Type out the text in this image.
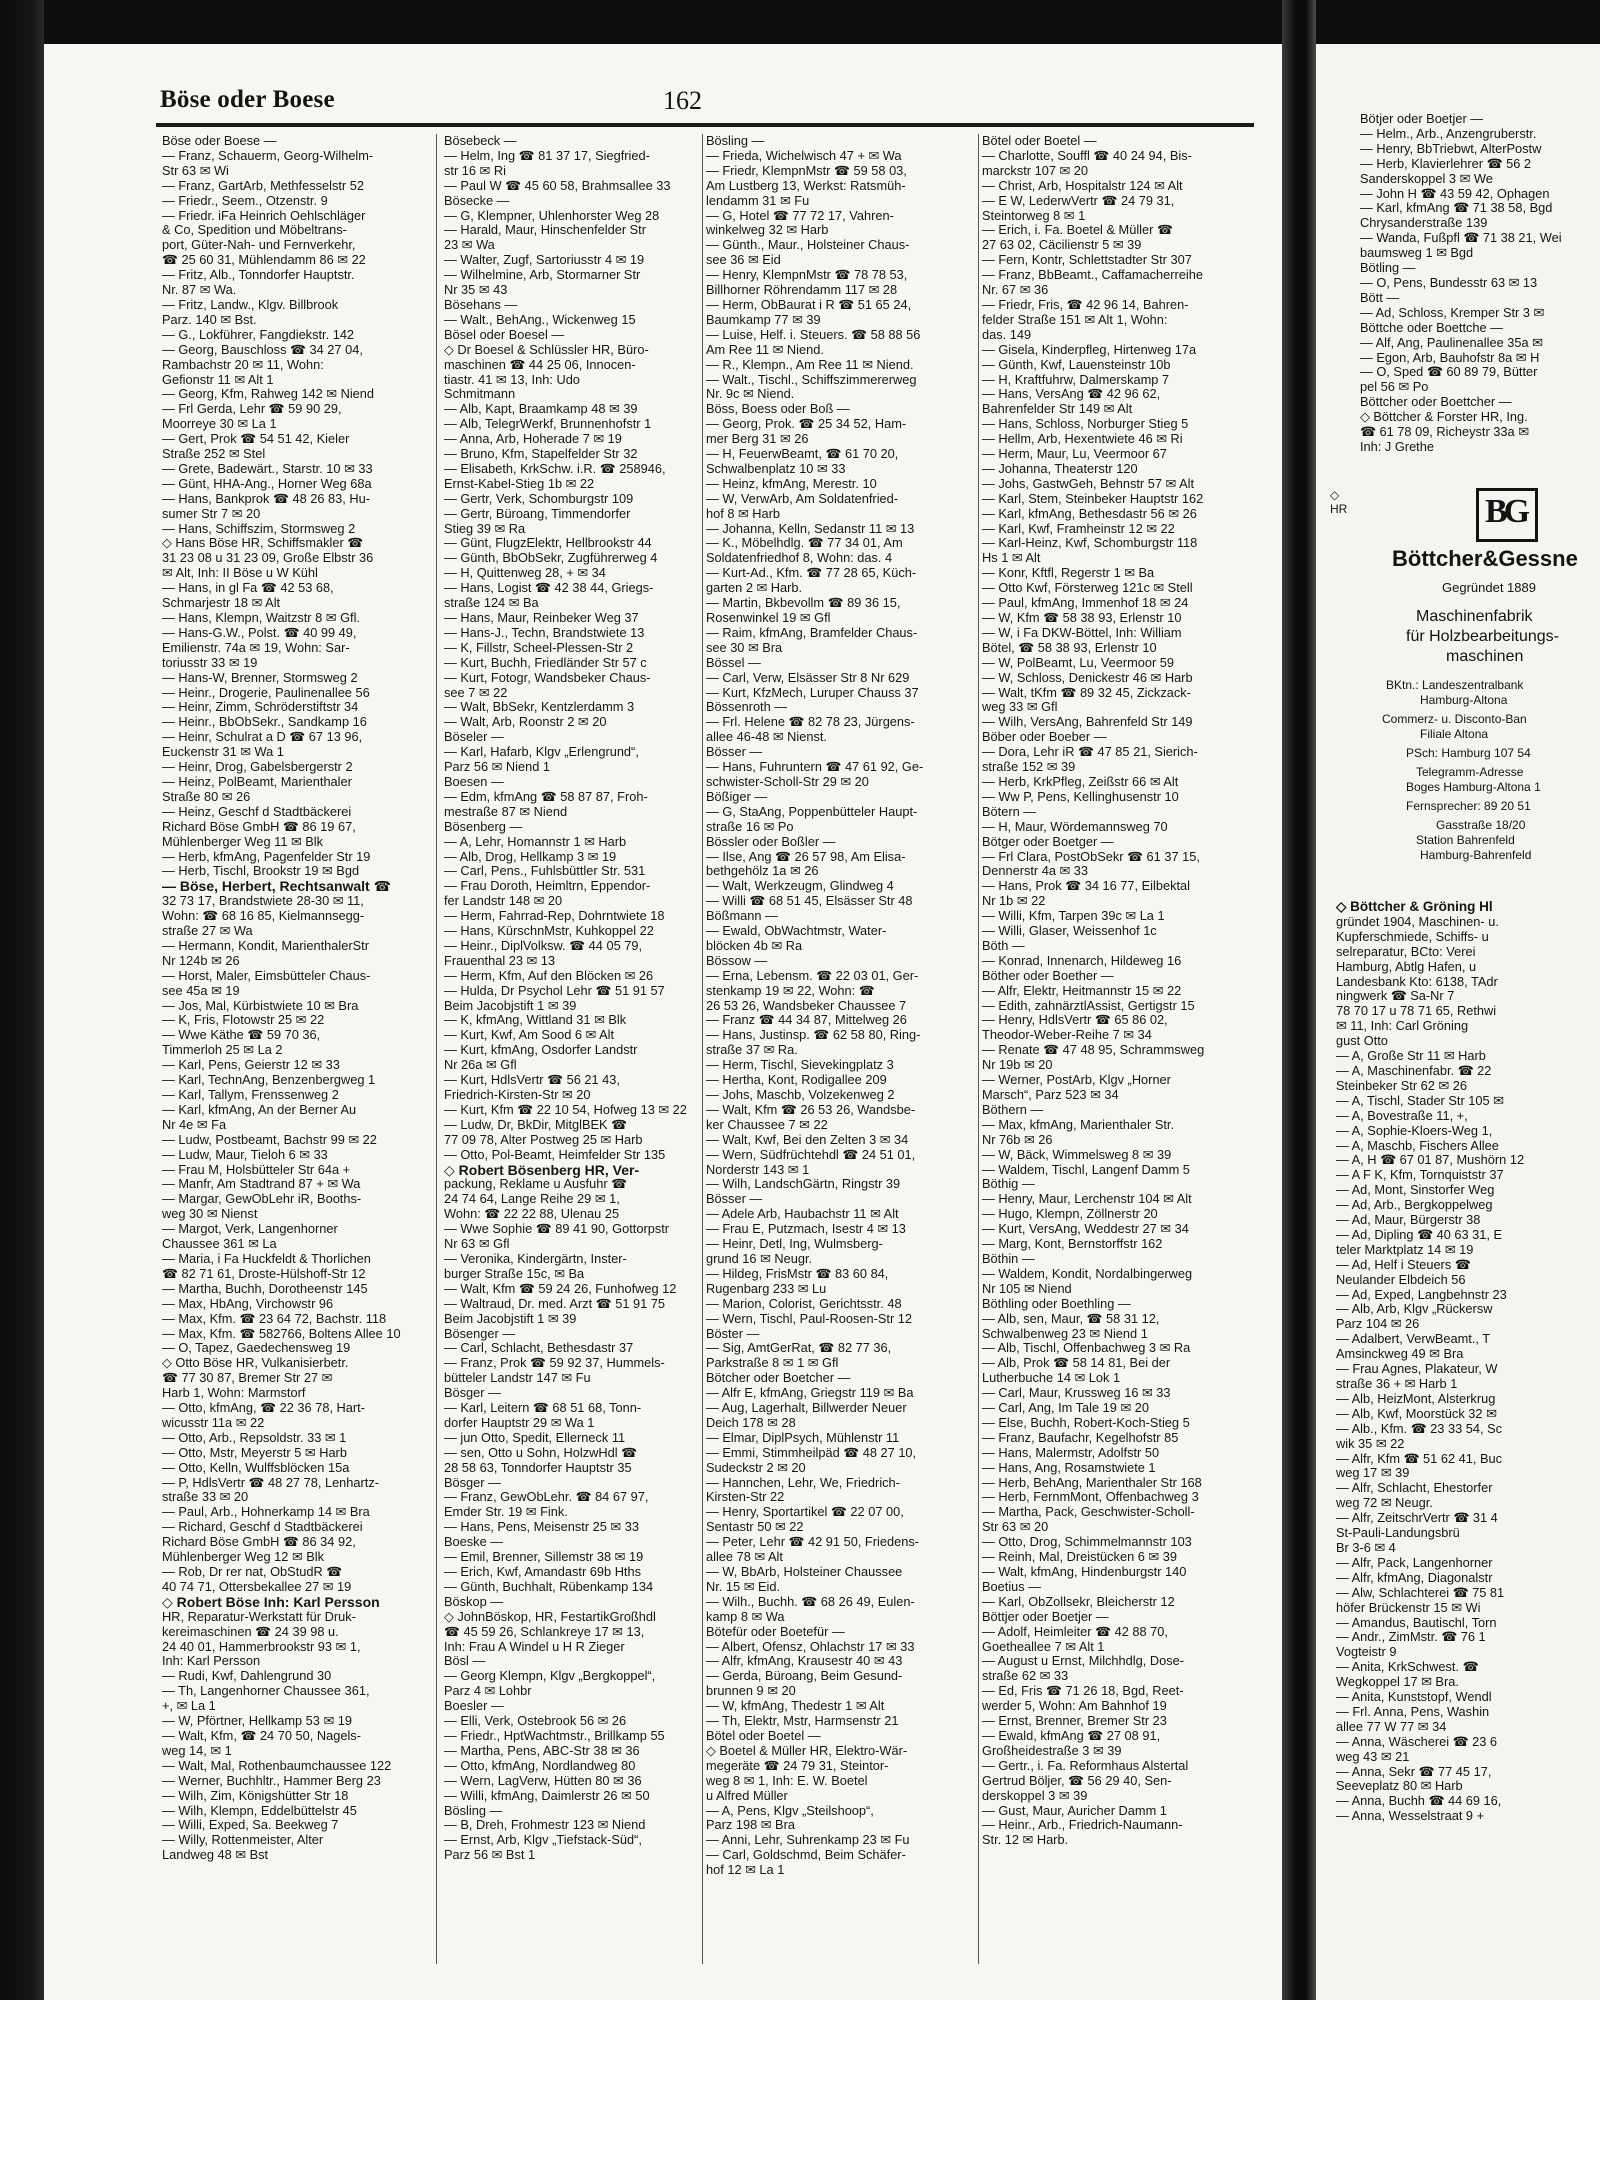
Böse oder Boese	162
Böse oder Boese —
— Franz, Schauerm, Georg-Wilhelm-
Str 63 ✉ Wi
— Franz, GartArb, Methfesselstr 52
— Friedr., Seem., Otzenstr. 9
— Friedr. iFa Heinrich Oehlschläger
& Co, Spedition und Möbeltrans-
port, Güter-Nah- und Fernverkehr,
☎ 25 60 31, Mühlendamm 86 ✉ 22
— Fritz, Alb., Tonndorfer Hauptstr.
Nr. 87 ✉ Wa.
— Fritz, Landw., Klgv. Billbrook
Parz. 140 ✉ Bst.
— G., Lokführer, Fangdiekstr. 142
— Georg, Bauschloss ☎ 34 27 04,
Rambachstr 20 ✉ 11, Wohn:
Gefionstr 11 ✉ Alt 1
— Georg, Kfm, Rahweg 142 ✉ Niend
— Frl Gerda, Lehr ☎ 59 90 29,
Moorreye 30 ✉ La 1
— Gert, Prok ☎ 54 51 42, Kieler
Straße 252 ✉ Stel
— Grete, Badewärt., Starstr. 10 ✉ 33
— Günt, HHA-Ang., Horner Weg 68a
— Hans, Bankprok ☎ 48 26 83, Hu-
sumer Str 7 ✉ 20
— Hans, Schiffszim, Stormsweg 2
◇ Hans Böse HR, Schiffsmakler ☎
31 23 08 u 31 23 09, Große Elbstr 36
✉ Alt, Inh: II Böse u W Kühl
— Hans, in gl Fa ☎ 42 53 68,
Schmarjestr 18 ✉ Alt
— Hans, Klempn, Waitzstr 8 ✉ Gfl.
— Hans-G.W., Polst. ☎ 40 99 49,
Emilienstr. 74a ✉ 19, Wohn: Sar-
toriusstr 33 ✉ 19
— Hans-W, Brenner, Stormsweg 2
— Heinr., Drogerie, Paulinenallee 56
— Heinr, Zimm, Schröderstiftstr 34
— Heinr., BbObSekr., Sandkamp 16
— Heinr, Schulrat a D ☎ 67 13 96,
Euckenstr 31 ✉ Wa 1
— Heinr, Drog, Gabelsbergerstr 2
— Heinz, PolBeamt, Marienthaler
Straße 80 ✉ 26
— Heinz, Geschf d Stadtbäckerei
Richard Böse GmbH ☎ 86 19 67,
Mühlenberger Weg 11 ✉ Blk
— Herb, kfmAng, Pagenfelder Str 19
— Herb, Tischl, Brookstr 19 ✉ Bgd
— Böse, Herbert, Rechtsanwalt ☎
32 73 17, Brandstwiete 28-30 ✉ 11,
Wohn: ☎ 68 16 85, Kielmannsegg-
straße 27 ✉ Wa
— Hermann, Kondit, MarienthalerStr
Nr 124b ✉ 26
— Horst, Maler, Eimsbütteler Chaus-
see 45a ✉ 19
— Jos, Mal, Kürbistwiete 10 ✉ Bra
— K, Fris, Flotowstr 25 ✉ 22
— Wwe Käthe ☎ 59 70 36,
Timmerloh 25 ✉ La 2
— Karl, Pens, Geierstr 12 ✉ 33
— Karl, TechnAng, Benzenbergweg 1
— Karl, Tallym, Frenssenweg 2
— Karl, kfmAng, An der Berner Au
Nr 4e ✉ Fa
— Ludw, Postbeamt, Bachstr 99 ✉ 22
— Ludw, Maur, Tieloh 6 ✉ 33
— Frau M, Holsbütteler Str 64a +
— Manfr, Am Stadtrand 87 + ✉ Wa
— Margar, GewObLehr iR, Booths-
weg 30 ✉ Nienst
— Margot, Verk, Langenhorner
Chaussee 361 ✉ La
— Maria, i Fa Huckfeldt & Thorlichen
☎ 82 71 61, Droste-Hülshoff-Str 12
— Martha, Buchh, Dorotheenstr 145
— Max, HbAng, Virchowstr 96
— Max, Kfm. ☎ 23 64 72, Bachstr. 118
— Max, Kfm. ☎ 582766, Boltens Allee 10
— O, Tapez, Gaedechensweg 19
◇ Otto Böse HR, Vulkanisierbetr.
☎ 77 30 87, Bremer Str 27 ✉
Harb 1, Wohn: Marmstorf
— Otto, kfmAng, ☎ 22 36 78, Hart-
wicusstr 11a ✉ 22
— Otto, Arb., Repsoldstr. 33 ✉ 1
— Otto, Mstr, Meyerstr 5 ✉ Harb
— Otto, Kelln, Wulffsblöcken 15a
— P, HdlsVertr ☎ 48 27 78, Lenhartz-
straße 33 ✉ 20
— Paul, Arb., Hohnerkamp 14 ✉ Bra
— Richard, Geschf d Stadtbäckerei
Richard Böse GmbH ☎ 86 34 92,
Mühlenberger Weg 12 ✉ Blk
— Rob, Dr rer nat, ObStudR ☎
40 74 71, Ottersbekallee 27 ✉ 19
◇ Robert Böse Inh: Karl Persson
HR, Reparatur-Werkstatt für Druk-
kereimaschinen ☎ 24 39 98 u.
24 40 01, Hammerbrookstr 93 ✉ 1,
Inh: Karl Persson
— Rudi, Kwf, Dahlengrund 30
— Th, Langenhorner Chaussee 361,
+, ✉ La 1
— W, Pförtner, Hellkamp 53 ✉ 19
— Walt, Kfm, ☎ 24 70 50, Nagels-
weg 14, ✉ 1
— Walt, Mal, Rothenbaumchaussee 122
— Werner, Buchhltr., Hammer Berg 23
— Wilh, Zim, Königshütter Str 18
— Wilh, Klempn, Eddelbüttelstr 45
— Willi, Exped, Sa. Beekweg 7
— Willy, Rottenmeister, Alter
Landweg 48 ✉ Bst
Bösebeck —
— Helm, Ing ☎ 81 37 17, Siegfried-
str 16 ✉ Ri
— Paul W ☎ 45 60 58, Brahmsallee 33
Bösecke —
— G, Klempner, Uhlenhorster Weg 28
— Harald, Maur, Hinschenfelder Str
23 ✉ Wa
— Walter, Zugf, Sartoriusstr 4 ✉ 19
— Wilhelmine, Arb, Stormarner Str
Nr 35 ✉ 43
Bösehans —
— Walt., BehAng., Wickenweg 15
Bösel oder Boesel —
◇ Dr Boesel & Schlüssler HR, Büro-
maschinen ☎ 44 25 06, Innocen-
tiastr. 41 ✉ 13, Inh: Udo
Schmitmann
— Alb, Kapt, Braamkamp 48 ✉ 39
— Alb, TelegrWerkf, Brunnenhofstr 1
— Anna, Arb, Hoherade 7 ✉ 19
— Bruno, Kfm, Stapelfelder Str 32
— Elisabeth, KrkSchw. i.R. ☎ 258946,
Ernst-Kabel-Stieg 1b ✉ 22
— Gertr, Verk, Schomburgstr 109
— Gertr, Büroang, Timmendorfer
Stieg 39 ✉ Ra
— Günt, FlugzElektr, Hellbrookstr 44
— Günth, BbObSekr, Zugführerweg 4
— H, Quittenweg 28, + ✉ 34
— Hans, Logist ☎ 42 38 44, Griegs-
straße 124 ✉ Ba
— Hans, Maur, Reinbeker Weg 37
— Hans-J., Techn, Brandstwiete 13
— K, Fillstr, Scheel-Plessen-Str 2
— Kurt, Buchh, Friedländer Str 57 c
— Kurt, Fotogr, Wandsbeker Chaus-
see 7 ✉ 22
— Walt, BbSekr, Kentzlerdamm 3
— Walt, Arb, Roonstr 2 ✉ 20
Böseler —
— Karl, Hafarb, Klgv „Erlengrund“,
Parz 56 ✉ Niend 1
Boesen —
— Edm, kfmAng ☎ 58 87 87, Froh-
mestraße 87 ✉ Niend
Bösenberg —
— A, Lehr, Homannstr 1 ✉ Harb
— Alb, Drog, Hellkamp 3 ✉ 19
— Carl, Pens., Fuhlsbüttler Str. 531
— Frau Doroth, Heimltrn, Eppendor-
fer Landstr 148 ✉ 20
— Herm, Fahrrad-Rep, Dohrntwiete 18
— Hans, KürschnMstr, Kuhkoppel 22
— Heinr., DiplVolksw. ☎ 44 05 79,
Frauenthal 23 ✉ 13
— Herm, Kfm, Auf den Blöcken ✉ 26
— Hulda, Dr Psychol Lehr ☎ 51 91 57
Beim Jacobjstift 1 ✉ 39
— K, kfmAng, Wittland 31 ✉ Blk
— Kurt, Kwf, Am Sood 6 ✉ Alt
— Kurt, kfmAng, Osdorfer Landstr
Nr 26a ✉ Gfl
— Kurt, HdlsVertr ☎ 56 21 43,
Friedrich-Kirsten-Str ✉ 20
— Kurt, Kfm ☎ 22 10 54, Hofweg 13 ✉ 22
— Ludw, Dr, BkDir, MitglBEK ☎
77 09 78, Alter Postweg 25 ✉ Harb
— Otto, Pol-Beamt, Heimfelder Str 135
◇ Robert Bösenberg HR, Ver-
packung, Reklame u Ausfuhr ☎
24 74 64, Lange Reihe 29 ✉ 1,
Wohn: ☎ 22 22 88, Ulenau 25
— Wwe Sophie ☎ 89 41 90, Gottorpstr
Nr 63 ✉ Gfl
— Veronika, Kindergärtn, Inster-
burger Straße 15c, ✉ Ba
— Walt, Kfm ☎ 59 24 26, Funhofweg 12
— Waltraud, Dr. med. Arzt ☎ 51 91 75
Beim Jacobjstift 1 ✉ 39
Bösenger —
— Carl, Schlacht, Bethesdastr 37
— Franz, Prok ☎ 59 92 37, Hummels-
bütteler Landstr 147 ✉ Fu
Bösger —
— Karl, Leitern ☎ 68 51 68, Tonn-
dorfer Hauptstr 29 ✉ Wa 1
— jun Otto, Spedit, Ellerneck 11
— sen, Otto u Sohn, HolzwHdl ☎
28 58 63, Tonndorfer Hauptstr 35
Bösger —
— Franz, GewObLehr. ☎ 84 67 97,
Emder Str. 19 ✉ Fink.
— Hans, Pens, Meisenstr 25 ✉ 33
Boeske —
— Emil, Brenner, Sillemstr 38 ✉ 19
— Erich, Kwf, Amandastr 69b Hths
— Günth, Buchhalt, Rübenkamp 134
Böskop —
◇ JohnBöskop, HR, FestartikGroßhdl
☎ 45 59 26, Schlankreye 17 ✉ 13,
Inh: Frau A Windel u H R Zieger
Bösl —
— Georg Klempn, Klgv „Bergkoppel“,
Parz 4 ✉ Lohbr
Boesler —
— Elli, Verk, Ostebrook 56 ✉ 26
— Friedr., HptWachtmstr., Brillkamp 55
— Martha, Pens, ABC-Str 38 ✉ 36
— Otto, kfmAng, Nordlandweg 80
— Wern, LagVerw, Hütten 80 ✉ 36
— Willi, kfmAng, Daimlerstr 26 ✉ 50
Bösling —
— B, Dreh, Frohmestr 123 ✉ Niend
— Ernst, Arb, Klgv „Tiefstack-Süd“,
Parz 56 ✉ Bst 1
Bösling —
— Frieda, Wichelwisch 47 + ✉ Wa
— Friedr, KlempnMstr ☎ 59 58 03,
Am Lustberg 13, Werkst: Ratsmüh-
lendamm 31 ✉ Fu
— G, Hotel ☎ 77 72 17, Vahren-
winkelweg 32 ✉ Harb
— Günth., Maur., Holsteiner Chaus-
see 36 ✉ Eid
— Henry, KlempnMstr ☎ 78 78 53,
Billhorner Röhrendamm 117 ✉ 28
— Herm, ObBaurat i R ☎ 51 65 24,
Baumkamp 77 ✉ 39
— Luise, Helf. i. Steuers. ☎ 58 88 56
Am Ree 11 ✉ Niend.
— R., Klempn., Am Ree 11 ✉ Niend.
— Walt., Tischl., Schiffszimmererweg
Nr. 9c ✉ Niend.
Böss, Boess oder Boß —
— Georg, Prok. ☎ 25 34 52, Ham-
mer Berg 31 ✉ 26
— H, FeuerwBeamt, ☎ 61 70 20,
Schwalbenplatz 10 ✉ 33
— Heinz, kfmAng, Merestr. 10
— W, VerwArb, Am Soldatenfried-
hof 8 ✉ Harb
— Johanna, Kelln, Sedanstr 11 ✉ 13
— K., Möbelhdlg. ☎ 77 34 01, Am
Soldatenfriedhof 8, Wohn: das. 4
— Kurt-Ad., Kfm. ☎ 77 28 65, Küch-
garten 2 ✉ Harb.
— Martin, Bkbevollm ☎ 89 36 15,
Rosenwinkel 19 ✉ Gfl
— Raim, kfmAng, Bramfelder Chaus-
see 30 ✉ Bra
Bössel —
— Carl, Verw, Elsässer Str 8 Nr 629
— Kurt, KfzMech, Luruper Chauss 37
Bössenroth —
— Frl. Helene ☎ 82 78 23, Jürgens-
allee 46-48 ✉ Nienst.
Bösser —
— Hans, Fuhruntern ☎ 47 61 92, Ge-
schwister-Scholl-Str 29 ✉ 20
Bößiger —
— G, StaAng, Poppenbütteler Haupt-
straße 16 ✉ Po
Bössler oder Boßler —
— Ilse, Ang ☎ 26 57 98, Am Elisa-
bethgehölz 1a ✉ 26
— Walt, Werkzeugm, Glindweg 4
— Willi ☎ 68 51 45, Elsässer Str 48
Bößmann —
— Ewald, ObWachtmstr, Water-
blöcken 4b ✉ Ra
Bössow —
— Erna, Lebensm. ☎ 22 03 01, Ger-
stenkamp 19 ✉ 22, Wohn: ☎
26 53 26, Wandsbeker Chaussee 7
— Franz ☎ 44 34 87, Mittelweg 26
— Hans, Justinsp. ☎ 62 58 80, Ring-
straße 37 ✉ Ra.
— Herm, Tischl, Sievekingplatz 3
— Hertha, Kont, Rodigallee 209
— Johs, Maschb, Volzekenweg 2
— Walt, Kfm ☎ 26 53 26, Wandsbe-
ker Chaussee 7 ✉ 22
— Walt, Kwf, Bei den Zelten 3 ✉ 34
— Wern, Südfrüchtehdl ☎ 24 51 01,
Norderstr 143 ✉ 1
— Wilh, LandschGärtn, Ringstr 39
Bösser —
— Adele Arb, Haubachstr 11 ✉ Alt
— Frau E, Putzmach, Isestr 4 ✉ 13
— Heinr, Detl, Ing, Wulmsberg-
grund 16 ✉ Neugr.
— Hildeg, FrisMstr ☎ 83 60 84,
Rugenbarg 233 ✉ Lu
— Marion, Colorist, Gerichtsstr. 48
— Wern, Tischl, Paul-Roosen-Str 12
Böster —
— Sig, AmtGerRat, ☎ 82 77 36,
Parkstraße 8 ✉ 1 ✉ Gfl
Bötcher oder Boetcher —
— Alfr E, kfmAng, Griegstr 119 ✉ Ba
— Aug, Lagerhalt, Billwerder Neuer
Deich 178 ✉ 28
— Elmar, DiplPsych, Mühlenstr 11
— Emmi, Stimmheilpäd ☎ 48 27 10,
Sudeckstr 2 ✉ 20
— Hannchen, Lehr, We, Friedrich-
Kirsten-Str 22
— Henry, Sportartikel ☎ 22 07 00,
Sentastr 50 ✉ 22
— Peter, Lehr ☎ 42 91 50, Friedens-
allee 78 ✉ Alt
— W, BbArb, Holsteiner Chaussee
Nr. 15 ✉ Eid.
— Wilh., Buchh. ☎ 68 26 49, Eulen-
kamp 8 ✉ Wa
Bötefür oder Boetefür —
— Albert, Ofensz, Ohlachstr 17 ✉ 33
— Alfr, kfmAng, Krausestr 40 ✉ 43
— Gerda, Büroang, Beim Gesund-
brunnen 9 ✉ 20
— W, kfmAng, Thedestr 1 ✉ Alt
— Th, Elektr, Mstr, Harmsenstr 21
Bötel oder Boetel —
◇ Boetel & Müller HR, Elektro-Wär-
megeräte ☎ 24 79 31, Steintor-
weg 8 ✉ 1, Inh: E. W. Boetel
u Alfred Müller
— A, Pens, Klgv „Steilshoop“,
Parz 198 ✉ Bra
— Anni, Lehr, Suhrenkamp 23 ✉ Fu
— Carl, Goldschmd, Beim Schäfer-
hof 12 ✉ La 1
Bötel oder Boetel —
— Charlotte, Souffl ☎ 40 24 94, Bis-
marckstr 107 ✉ 20
— Christ, Arb, Hospitalstr 124 ✉ Alt
— E W, LederwVertr ☎ 24 79 31,
Steintorweg 8 ✉ 1
— Erich, i. Fa. Boetel & Müller ☎
27 63 02, Cäcilienstr 5 ✉ 39
— Fern, Kontr, Schlettstadter Str 307
— Franz, BbBeamt., Caffamacherreihe
Nr. 67 ✉ 36
— Friedr, Fris, ☎ 42 96 14, Bahren-
felder Straße 151 ✉ Alt 1, Wohn:
das. 149
— Gisela, Kinderpfleg, Hirtenweg 17a
— Günth, Kwf, Lauensteinstr 10b
— H, Kraftfuhrw, Dalmerskamp 7
— Hans, VersAng ☎ 42 96 62,
Bahrenfelder Str 149 ✉ Alt
— Hans, Schloss, Norburger Stieg 5
— Hellm, Arb, Hexentwiete 46 ✉ Ri
— Herm, Maur, Lu, Veermoor 67
— Johanna, Theaterstr 120
— Johs, GastwGeh, Behnstr 57 ✉ Alt
— Karl, Stem, Steinbeker Hauptstr 162
— Karl, kfmAng, Bethesdastr 56 ✉ 26
— Karl, Kwf, Framheinstr 12 ✉ 22
— Karl-Heinz, Kwf, Schomburgstr 118
Hs 1 ✉ Alt
— Konr, Kftfl, Regerstr 1 ✉ Ba
— Otto Kwf, Försterweg 121c ✉ Stell
— Paul, kfmAng, Immenhof 18 ✉ 24
— W, Kfm ☎ 58 38 93, Erlenstr 10
— W, i Fa DKW-Böttel, Inh: William
Bötel, ☎ 58 38 93, Erlenstr 10
— W, PolBeamt, Lu, Veermoor 59
— W, Schloss, Denickestr 46 ✉ Harb
— Walt, tKfm ☎ 89 32 45, Zickzack-
weg 33 ✉ Gfl
— Wilh, VersAng, Bahrenfeld Str 149
Böber oder Boeber —
— Dora, Lehr iR ☎ 47 85 21, Sierich-
straße 152 ✉ 39
— Herb, KrkPfleg, Zeißstr 66 ✉ Alt
— Ww P, Pens, Kellinghusenstr 10
Bötern —
— H, Maur, Wördemannsweg 70
Bötger oder Boetger —
— Frl Clara, PostObSekr ☎ 61 37 15,
Dennerstr 4a ✉ 33
— Hans, Prok ☎ 34 16 77, Eilbektal
Nr 1b ✉ 22
— Willi, Kfm, Tarpen 39c ✉ La 1
— Willi, Glaser, Weissenhof 1c
Böth —
— Konrad, Innenarch, Hildeweg 16
Böther oder Boether —
— Alfr, Elektr, Heitmannstr 15 ✉ 22
— Edith, zahnärztlAssist, Gertigstr 15
— Henry, HdlsVertr ☎ 65 86 02,
Theodor-Weber-Reihe 7 ✉ 34
— Renate ☎ 47 48 95, Schrammsweg
Nr 19b ✉ 20
— Werner, PostArb, Klgv „Horner
Marsch“, Parz 523 ✉ 34
Böthern —
— Max, kfmAng, Marienthaler Str.
Nr 76b ✉ 26
— W, Bäck, Wimmelsweg 8 ✉ 39
— Waldem, Tischl, Langenf Damm 5
Böthig —
— Henry, Maur, Lerchenstr 104 ✉ Alt
— Hugo, Klempn, Zöllnerstr 20
— Kurt, VersAng, Weddestr 27 ✉ 34
— Marg, Kont, Bernstorffstr 162
Böthin —
— Waldem, Kondit, Nordalbingerweg
Nr 105 ✉ Niend
Böthling oder Boethling —
— Alb, sen, Maur, ☎ 58 31 12,
Schwalbenweg 23 ✉ Niend 1
— Alb, Tischl, Offenbachweg 3 ✉ Ra
— Alb, Prok ☎ 58 14 81, Bei der
Lutherbuche 14 ✉ Lok 1
— Carl, Maur, Krussweg 16 ✉ 33
— Carl, Ang, Im Tale 19 ✉ 20
— Else, Buchh, Robert-Koch-Stieg 5
— Franz, Baufachr, Kegelhofstr 85
— Hans, Malermstr, Adolfstr 50
— Hans, Ang, Rosamstwiete 1
— Herb, BehAng, Marienthaler Str 168
— Herb, FernmMont, Offenbachweg 3
— Martha, Pack, Geschwister-Scholl-
Str 63 ✉ 20
— Otto, Drog, Schimmelmannstr 103
— Reinh, Mal, Dreistücken 6 ✉ 39
— Walt, kfmAng, Hindenburgstr 140
Boetius —
— Karl, ObZollsekr, Bleicherstr 12
Böttjer oder Boetjer —
— Adolf, Heimleiter ☎ 42 88 70,
Goetheallee 7 ✉ Alt 1
— August u Ernst, Milchhdlg, Dose-
straße 62 ✉ 33
— Ed, Fris ☎ 71 26 18, Bgd, Reet-
werder 5, Wohn: Am Bahnhof 19
— Ernst, Brenner, Bremer Str 23
— Ewald, kfmAng ☎ 27 08 91,
Großheidestraße 3 ✉ 39
— Gertr., i. Fa. Reformhaus Alstertal
Gertrud Böljer, ☎ 56 29 40, Sen-
derskoppel 3 ✉ 39
— Gust, Maur, Auricher Damm 1
— Heinr., Arb., Friedrich-Naumann-
Str. 12 ✉ Harb.
Bötjer oder Boetjer —
— Helm., Arb., Anzengruberstr.
— Henry, BbTriebwt, AlterPostw
— Herb, Klavierlehrer ☎ 56 2
Sanderskoppel 3 ✉ We
— John H ☎ 43 59 42, Ophagen
— Karl, kfmAng ☎ 71 38 58, Bgd
Chrysanderstraße 139
— Wanda, Fußpfl ☎ 71 38 21, Wei
baumsweg 1 ✉ Bgd
Bötling —
— O, Pens, Bundesstr 63 ✉ 13
Bött —
— Ad, Schloss, Kremper Str 3 ✉
Böttche oder Boettche —
— Alf, Ang, Paulinenallee 35a ✉
— Egon, Arb, Bauhofstr 8a ✉ H
— O, Sped ☎ 60 89 79, Bütter
pel 56 ✉ Po
Böttcher oder Boettcher —
◇ Böttcher & Forster HR, Ing.
☎ 61 78 09, Richeystr 33a ✉
Inh: J Grethe
◇
HR	BG
Böttcher&Gessne
Gegründet 1889
Maschinenfabrik
für Holzbearbeitungs-
maschinen
BKtn.: Landeszentralbank
Hamburg-Altona
Commerz- u. Disconto-Ban
Filiale Altona
PSch: Hamburg 107 54
Telegramm-Adresse
Boges Hamburg-Altona 1
Fernsprecher: 89 20 51
Gasstraße 18/20
Station Bahrenfeld
Hamburg-Bahrenfeld
◇ Böttcher & Gröning Hl
gründet 1904, Maschinen- u.
Kupferschmiede, Schiffs- u
selreparatur, BCto: Verei
Hamburg, Abtlg Hafen, u
Landesbank Kto: 6138, TAdr
ningwerk ☎ Sa-Nr 7
78 70 17 u 78 71 65, Rethwi
✉ 11, Inh: Carl Gröning
gust Otto
— A, Große Str 11 ✉ Harb
— A, Maschinenfabr. ☎ 22
Steinbeker Str 62 ✉ 26
— A, Tischl, Stader Str 105 ✉
— A, Bovestraße 11, +,
— A, Sophie-Kloers-Weg 1,
— A, Maschb, Fischers Allee
— A, H ☎ 67 01 87, Mushörn 12
— A F K, Kfm, Tornquiststr 37
— Ad, Mont, Sinstorfer Weg
— Ad, Arb., Bergkoppelweg
— Ad, Maur, Bürgerstr 38
— Ad, Dipling ☎ 40 63 31, E
teler Marktplatz 14 ✉ 19
— Ad, Helf i Steuers ☎
Neulander Elbdeich 56
— Ad, Exped, Langbehnstr 23
— Alb, Arb, Klgv „Rückersw
Parz 104 ✉ 26
— Adalbert, VerwBeamt., T
Amsinckweg 49 ✉ Bra
— Frau Agnes, Plakateur, W
straße 36 + ✉ Harb 1
— Alb, HeizMont, Alsterkrug
— Alb, Kwf, Moorstück 32 ✉
— Alb., Kfm. ☎ 23 33 54, Sc
wik 35 ✉ 22
— Alfr, Kfm ☎ 51 62 41, Buc
weg 17 ✉ 39
— Alfr, Schlacht, Ehestorfer
weg 72 ✉ Neugr.
— Alfr, ZeitschrVertr ☎ 31 4
St-Pauli-Landungsbrü
Br 3-6 ✉ 4
— Alfr, Pack, Langenhorner
— Alfr, kfmAng, Diagonalstr
— Alw, Schlachterei ☎ 75 81
höfer Brückenstr 15 ✉ Wi
— Amandus, Bautischl, Torn
— Andr., ZimMstr. ☎ 76 1
Vogteistr 9
— Anita, KrkSchwest. ☎
Wegkoppel 17 ✉ Bra.
— Anita, Kunststopf, Wendl
— Frl. Anna, Pens, Washin
allee 77 W 77 ✉ 34
— Anna, Wäscherei ☎ 23 6
weg 43 ✉ 21
— Anna, Sekr ☎ 77 45 17,
Seeveplatz 80 ✉ Harb
— Anna, Buchh ☎ 44 69 16,
— Anna, Wesselstraat 9 +
